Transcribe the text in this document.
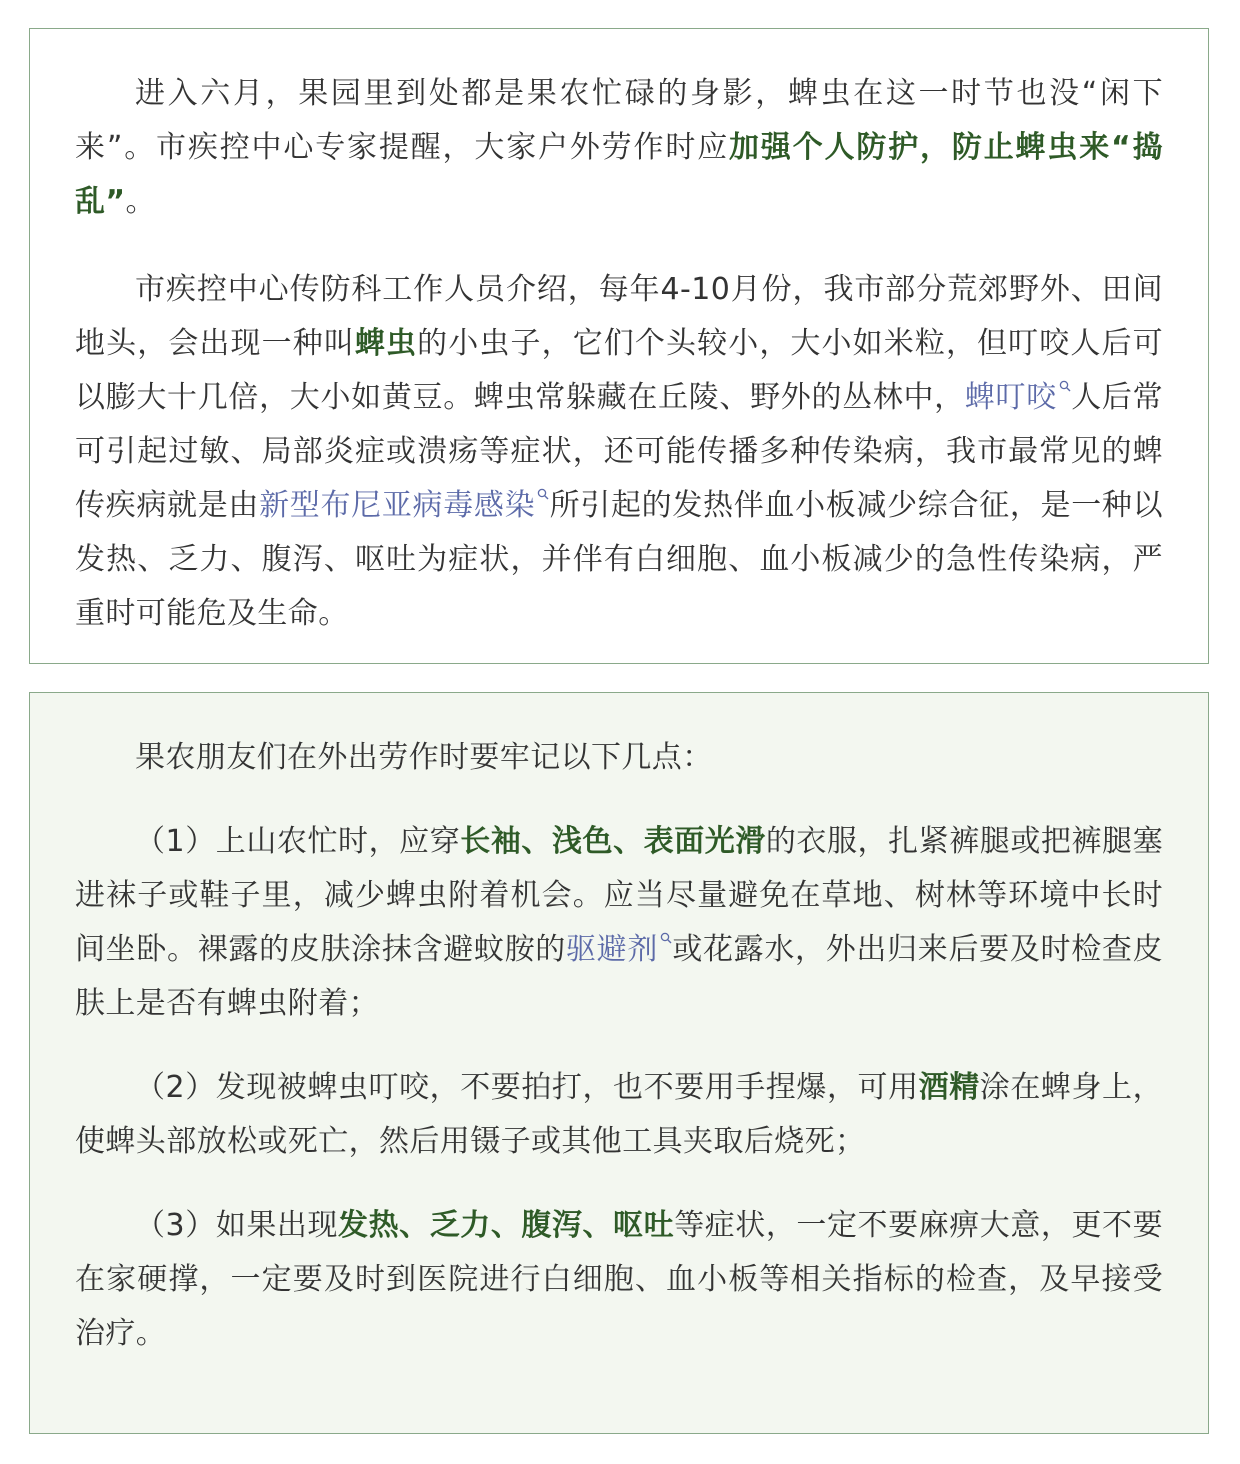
进入六月，果园里到处都是果农忙碌的身影，蜱虫在这一时节也没“闲下来”。市疾控中心专家提醒，大家户外劳作时应加强个人防护，防止蜱虫来“捣乱”。

市疾控中心传防科工作人员介绍，每年4-10月份，我市部分荒郊野外、田间地头，会出现一种叫蜱虫的小虫子，它们个头较小，大小如米粒，但叮咬人后可以膨大十几倍，大小如黄豆。蜱虫常躲藏在丘陵、野外的丛林中，蜱叮咬 人后常可引起过敏、局部炎症或溃疡等症状，还可能传播多种传染病，我市最常见的蜱传疾病就是由新型布尼亚病毒感染 所引起的发热伴血小板减少综合征，是一种以发热、乏力、腹泻、呕吐为症状，并伴有白细胞、血小板减少的急性传染病，严重时可能危及生命。

果农朋友们在外出劳作时要牢记以下几点：

（1）上山农忙时，应穿长袖、浅色、表面光滑的衣服，扎紧裤腿或把裤腿塞进袜子或鞋子里，减少蜱虫附着机会。应当尽量避免在草地、树林等环境中长时间坐卧。裸露的皮肤涂抹含避蚊胺的驱避剂 或花露水，外出归来后要及时检查皮肤上是否有蜱虫附着；

（2）发现被蜱虫叮咬，不要拍打，也不要用手捏爆，可用酒精涂在蜱身上，使蜱头部放松或死亡，然后用镊子或其他工具夹取后烧死；

（3）如果出现发热、乏力、腹泻、呕吐等症状，一定不要麻痹大意，更不要在家硬撑，一定要及时到医院进行白细胞、血小板等相关指标的检查，及早接受治疗。
